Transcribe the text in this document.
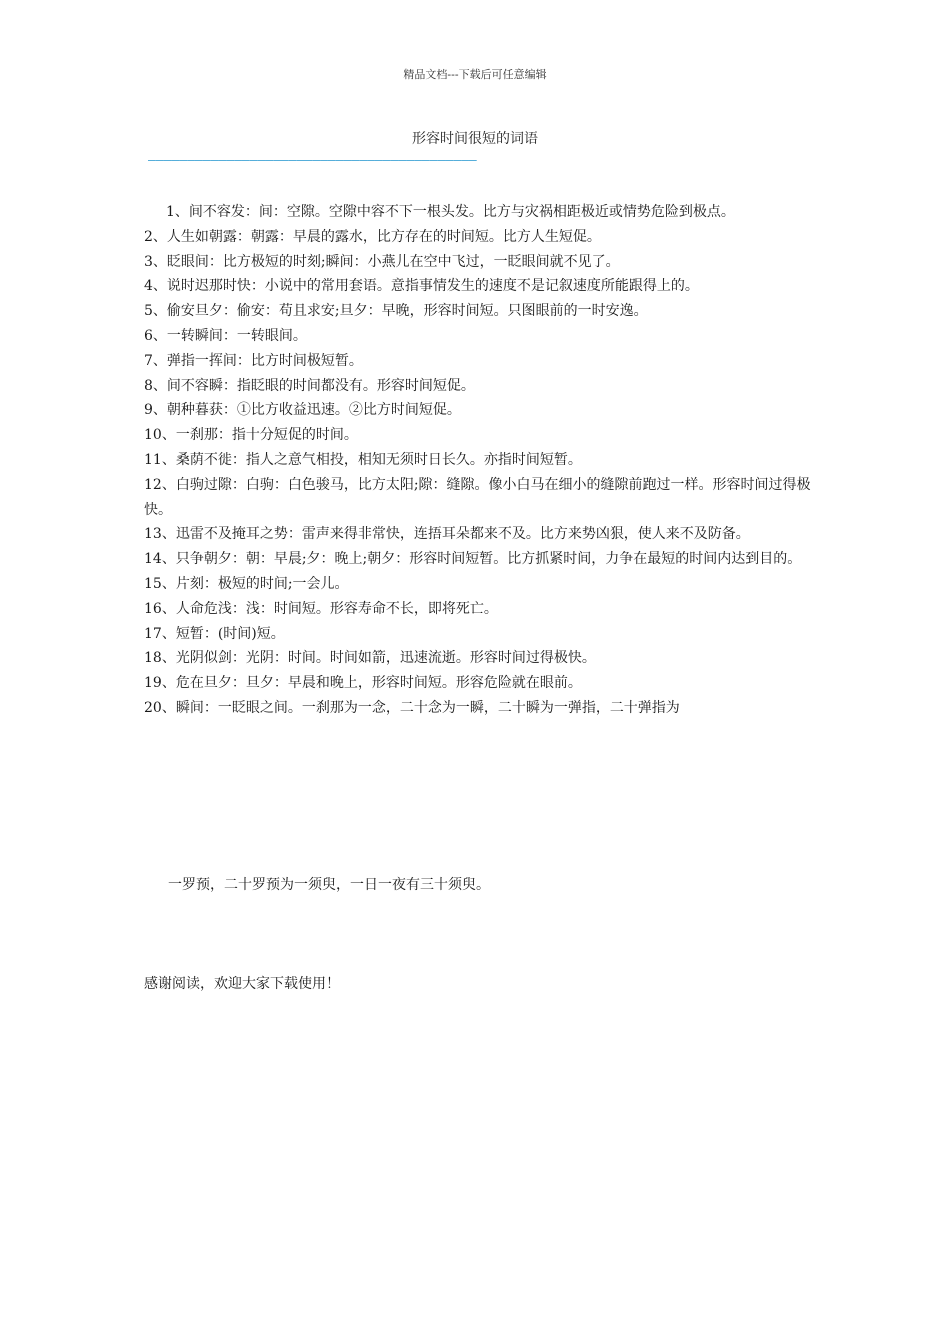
精品文档---下载后可任意编辑
形容时间很短的词语
——————————————————————————————————————————

1、间不容发：间：空隙。空隙中容不下一根头发。比方与灾祸相距极近或情势危险到极点。

2、人生如朝露：朝露：早晨的露水，比方存在的时间短。比方人生短促。

3、眨眼间：比方极短的时刻;瞬间：小燕儿在空中飞过，一眨眼间就不见了。

4、说时迟那时快：小说中的常用套语。意指事情发生的速度不是记叙速度所能跟得上的。

5、偷安旦夕：偷安：苟且求安;旦夕：早晚，形容时间短。只图眼前的一时安逸。

6、一转瞬间：一转眼间。

7、弹指一挥间：比方时间极短暂。

8、间不容瞬：指眨眼的时间都没有。形容时间短促。

9、朝种暮获：①比方收益迅速。②比方时间短促。

10、一刹那：指十分短促的时间。

11、桑荫不徙：指人之意气相投，相知无须时日长久。亦指时间短暂。

12、白驹过隙：白驹：白色骏马，比方太阳;隙：缝隙。像小白马在细小的缝隙前跑过一样。形容时间过得极快。

13、迅雷不及掩耳之势：雷声来得非常快，连捂耳朵都来不及。比方来势凶狠，使人来不及防备。

14、只争朝夕：朝：早晨;夕：晚上;朝夕：形容时间短暂。比方抓紧时间，力争在最短的时间内达到目的。

15、片刻：极短的时间;一会儿。

16、人命危浅：浅：时间短。形容寿命不长，即将死亡。

17、短暂：(时间)短。

18、光阴似剑：光阴：时间。时间如箭，迅速流逝。形容时间过得极快。

19、危在旦夕：旦夕：早晨和晚上，形容时间短。形容危险就在眼前。

20、瞬间：一眨眼之间。一刹那为一念，二十念为一瞬，二十瞬为一弹指，二十弹指为

一罗预，二十罗预为一须臾，一日一夜有三十须臾。
感谢阅读，欢迎大家下载使用！
